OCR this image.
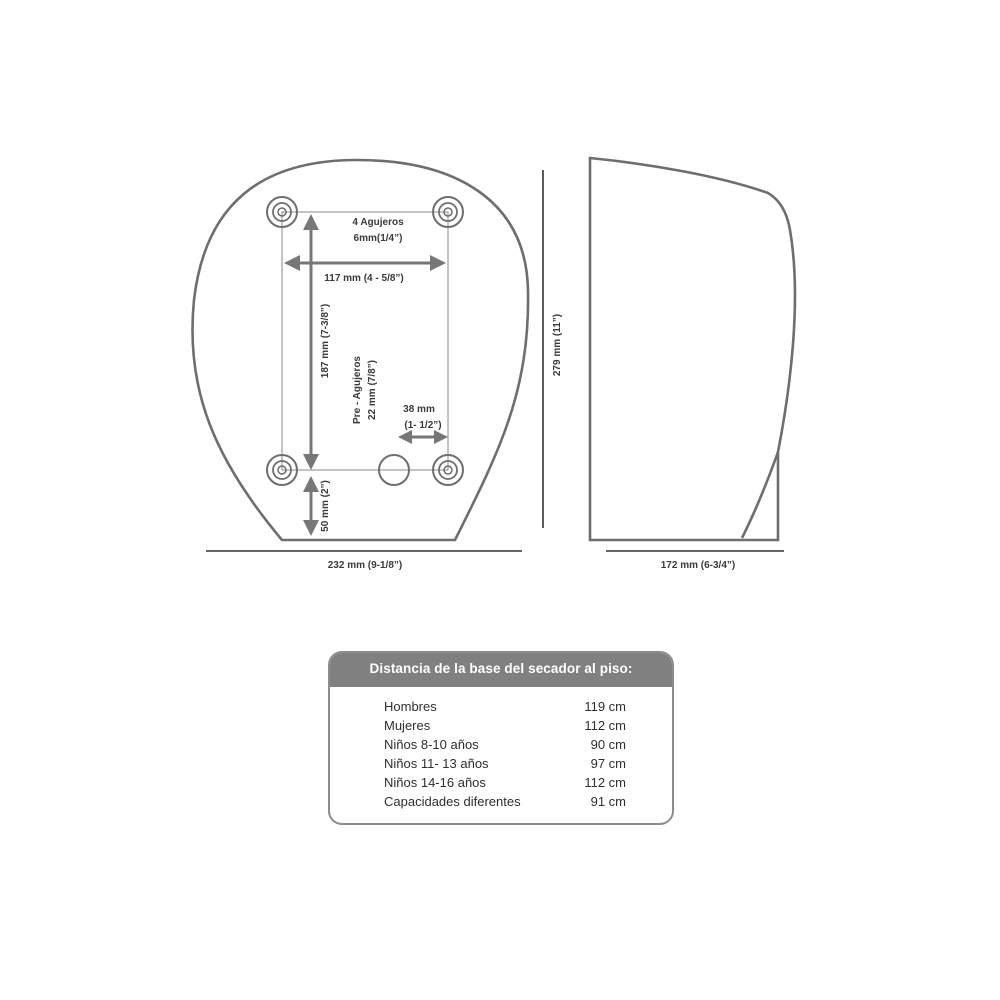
4 Agujeros
6mm(1/4”)
117 mm (4 - 5/8”)
187 mm (7-3/8”)
Pre - Agujeros 22 mm (7/8”)	38 mm
(1- 1/2”)
50 mm (2”)
232 mm (9-1/8”)
279 mm (11”)
172 mm (6-3/4”)
Distancia de la base del secador al piso:
Hombres	119 cm
Mujeres	112 cm
Niños 8-10 años	90 cm
Niños 11- 13 años	97 cm
Niños 14-16 años	112 cm
Capacidades diferentes	91 cm
